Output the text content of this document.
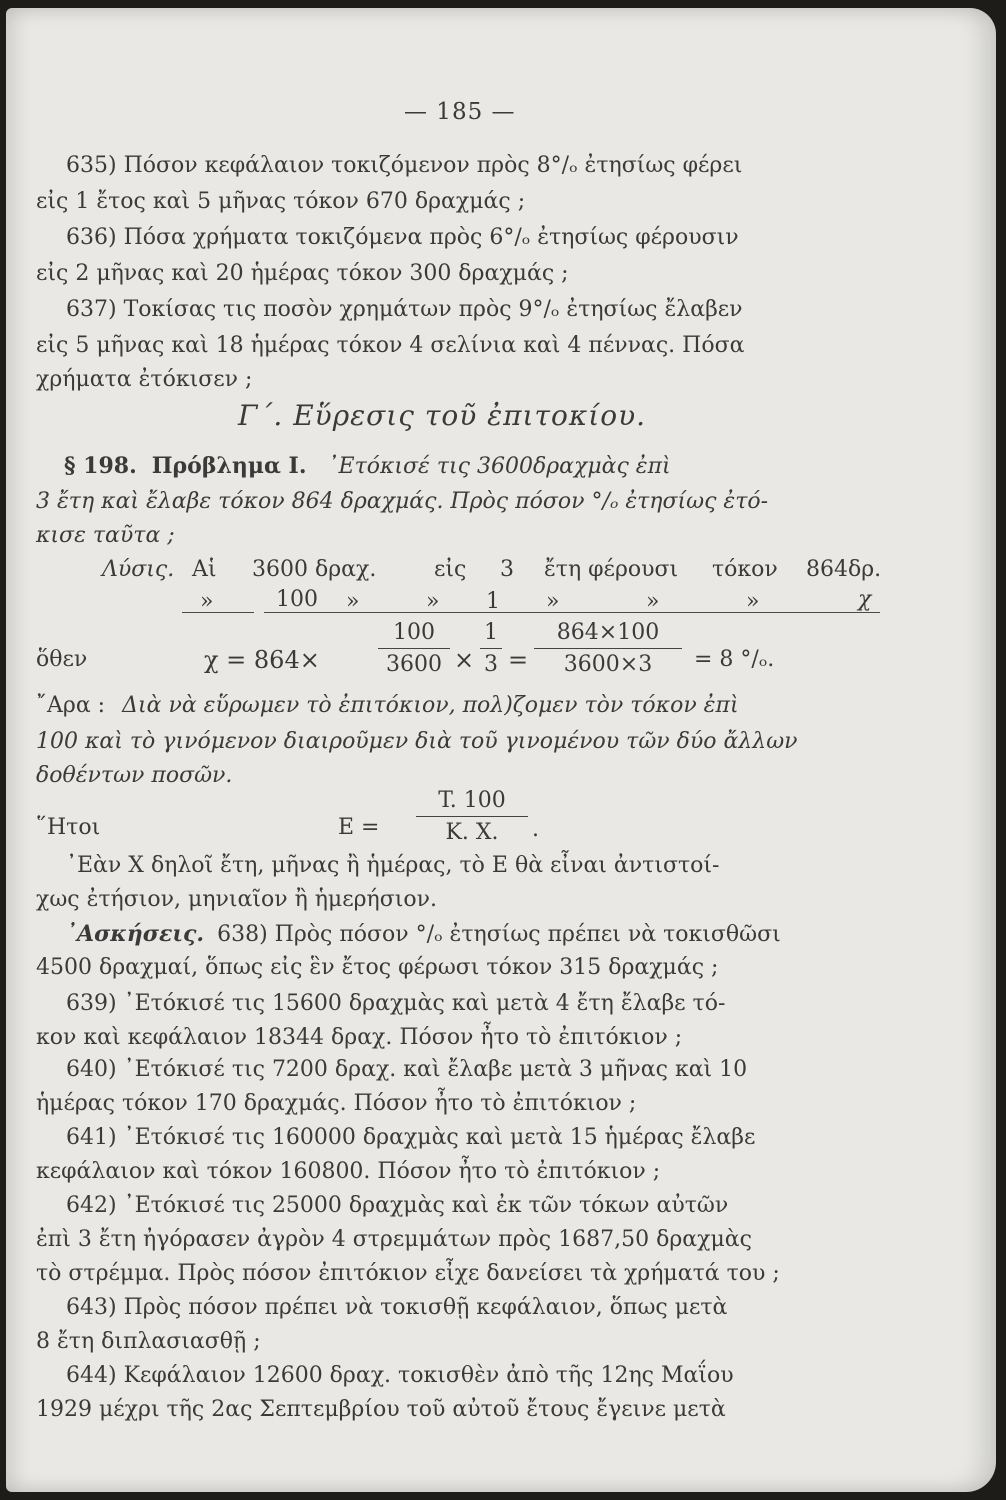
— 185 —
635) Πόσον κεφάλαιον τοκιζόμενον πρὸς 8°/ₒ ἐτησίως φέρει
εἰς 1 ἔτος καὶ 5 μῆνας τόκον 670 δραχμάς ;
636) Πόσα χρήματα τοκιζόμενα πρὸς 6°/ₒ ἐτησίως φέρουσιν
εἰς 2 μῆνας καὶ 20 ἡμέρας τόκον 300 δραχμάς ;
637) Τοκίσας τις ποσὸν χρημάτων πρὸς 9°/ₒ ἐτησίως ἔλαβεν
εἰς 5 μῆνας καὶ 18 ἡμέρας τόκον 4 σελίνια καὶ 4 πέννας. Πόσα
χρήματα ἐτόκισεν ;
Γ΄. Εὕρεσις τοῦ ἐπιτοκίου.
§ 198. Πρόβλημα Ι. ᾿Ετόκισέ τις 3600δραχμὰς ἐπὶ
3 ἔτη καὶ ἔλαβε τόκον 864 δραχμάς. Πρὸς πόσον °/ₒ ἐτησίως ἐτό-
κισε ταῦτα ;
Λύσις. Αἱ 3600 δραχ.	εἰς 3 ἔτη φέρουσι τόκον 864δρ.
»	100 »	» 1 »	»	»	χ
ὅθεν	χ = 864×
100
3600 ×
1
3 =
864×100
3600×3	= 8 °/ₒ.
῎Αρα : Διὰ νὰ εὕρωμεν τὸ ἐπιτόκιον, πολ)ζομεν τὸν τόκον ἐπὶ
100 καὶ τὸ γινόμενον διαιροῦμεν διὰ τοῦ γινομένου τῶν δύο ἄλλων
δοθέντων ποσῶν.
῞Ητοι	E =
T. 100
K. X.	.
᾿Εὰν Χ δηλοῖ ἔτη, μῆνας ἢ ἡμέρας, τὸ Ε θὰ εἶναι ἀντιστοί-
χως ἐτήσιον, μηνιαῖον ἢ ἡμερήσιον.
᾿Ασκήσεις. 638) Πρὸς πόσον °/ₒ ἐτησίως πρέπει νὰ τοκισθῶσι
4500 δραχμαί, ὅπως εἰς ἓν ἔτος φέρωσι τόκον 315 δραχμάς ;
639) ᾿Ετόκισέ τις 15600 δραχμὰς καὶ μετὰ 4 ἔτη ἔλαβε τό-
κον καὶ κεφάλαιον 18344 δραχ. Πόσον ἦτο τὸ ἐπιτόκιον ;
640) ᾿Ετόκισέ τις 7200 δραχ. καὶ ἔλαβε μετὰ 3 μῆνας καὶ 10
ἡμέρας τόκον 170 δραχμάς. Πόσον ἦτο τὸ ἐπιτόκιον ;
641) ᾿Ετόκισέ τις 160000 δραχμὰς καὶ μετὰ 15 ἡμέρας ἔλαβε
κεφάλαιον καὶ τόκον 160800. Πόσον ἦτο τὸ ἐπιτόκιον ;
642) ᾿Ετόκισέ τις 25000 δραχμὰς καὶ ἐκ τῶν τόκων αὐτῶν
ἐπὶ 3 ἔτη ἠγόρασεν ἀγρὸν 4 στρεμμάτων πρὸς 1687,50 δραχμὰς
τὸ στρέμμα. Πρὸς πόσον ἐπιτόκιον εἶχε δανείσει τὰ χρήματά του ;
643) Πρὸς πόσον πρέπει νὰ τοκισθῇ κεφάλαιον, ὅπως μετὰ
8 ἔτη διπλασιασθῇ ;
644) Κεφάλαιον 12600 δραχ. τοκισθὲν ἀπὸ τῆς 12ης Μαΐου
1929 μέχρι τῆς 2ας Σεπτεμβρίου τοῦ αὐτοῦ ἔτους ἔγεινε μετὰ
